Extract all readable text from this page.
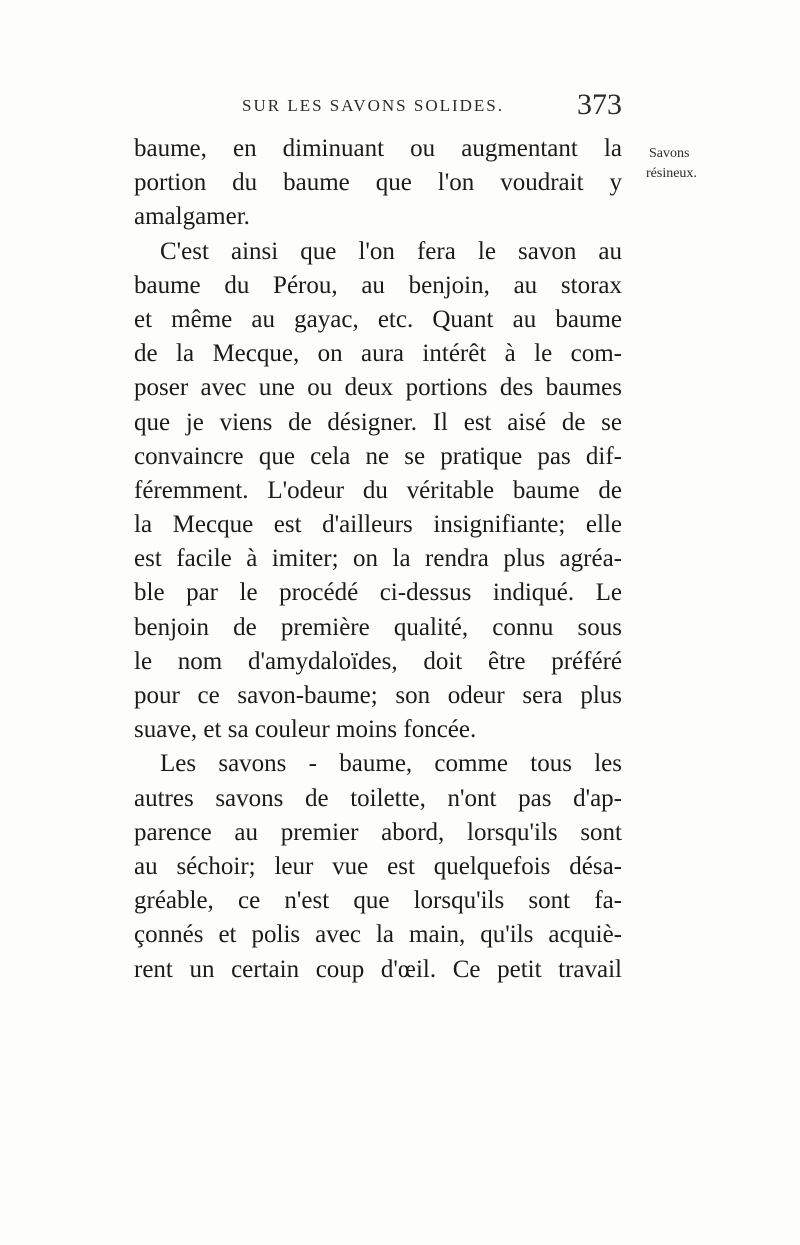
SUR LES SAVONS SOLIDES. 373
Savons
résineux.
baume, en diminuant ou augmentant la
portion du baume que l'on voudrait y
amalgamer.
C'est ainsi que l'on fera le savon au
baume du Pérou, au benjoin, au storax
et même au gayac, etc. Quant au baume
de la Mecque, on aura intérêt à le com-
poser avec une ou deux portions des baumes
que je viens de désigner. Il est aisé de se
convaincre que cela ne se pratique pas dif-
féremment. L'odeur du véritable baume de
la Mecque est d'ailleurs insignifiante; elle
est facile à imiter; on la rendra plus agréa-
ble par le procédé ci-dessus indiqué. Le
benjoin de première qualité, connu sous
le nom d'amydaloïdes, doit être préféré
pour ce savon-baume; son odeur sera plus
suave, et sa couleur moins foncée.
Les savons - baume, comme tous les
autres savons de toilette, n'ont pas d'ap-
parence au premier abord, lorsqu'ils sont
au séchoir; leur vue est quelquefois désa-
gréable, ce n'est que lorsqu'ils sont fa-
çonnés et polis avec la main, qu'ils acquiè-
rent un certain coup d'œil. Ce petit travail
